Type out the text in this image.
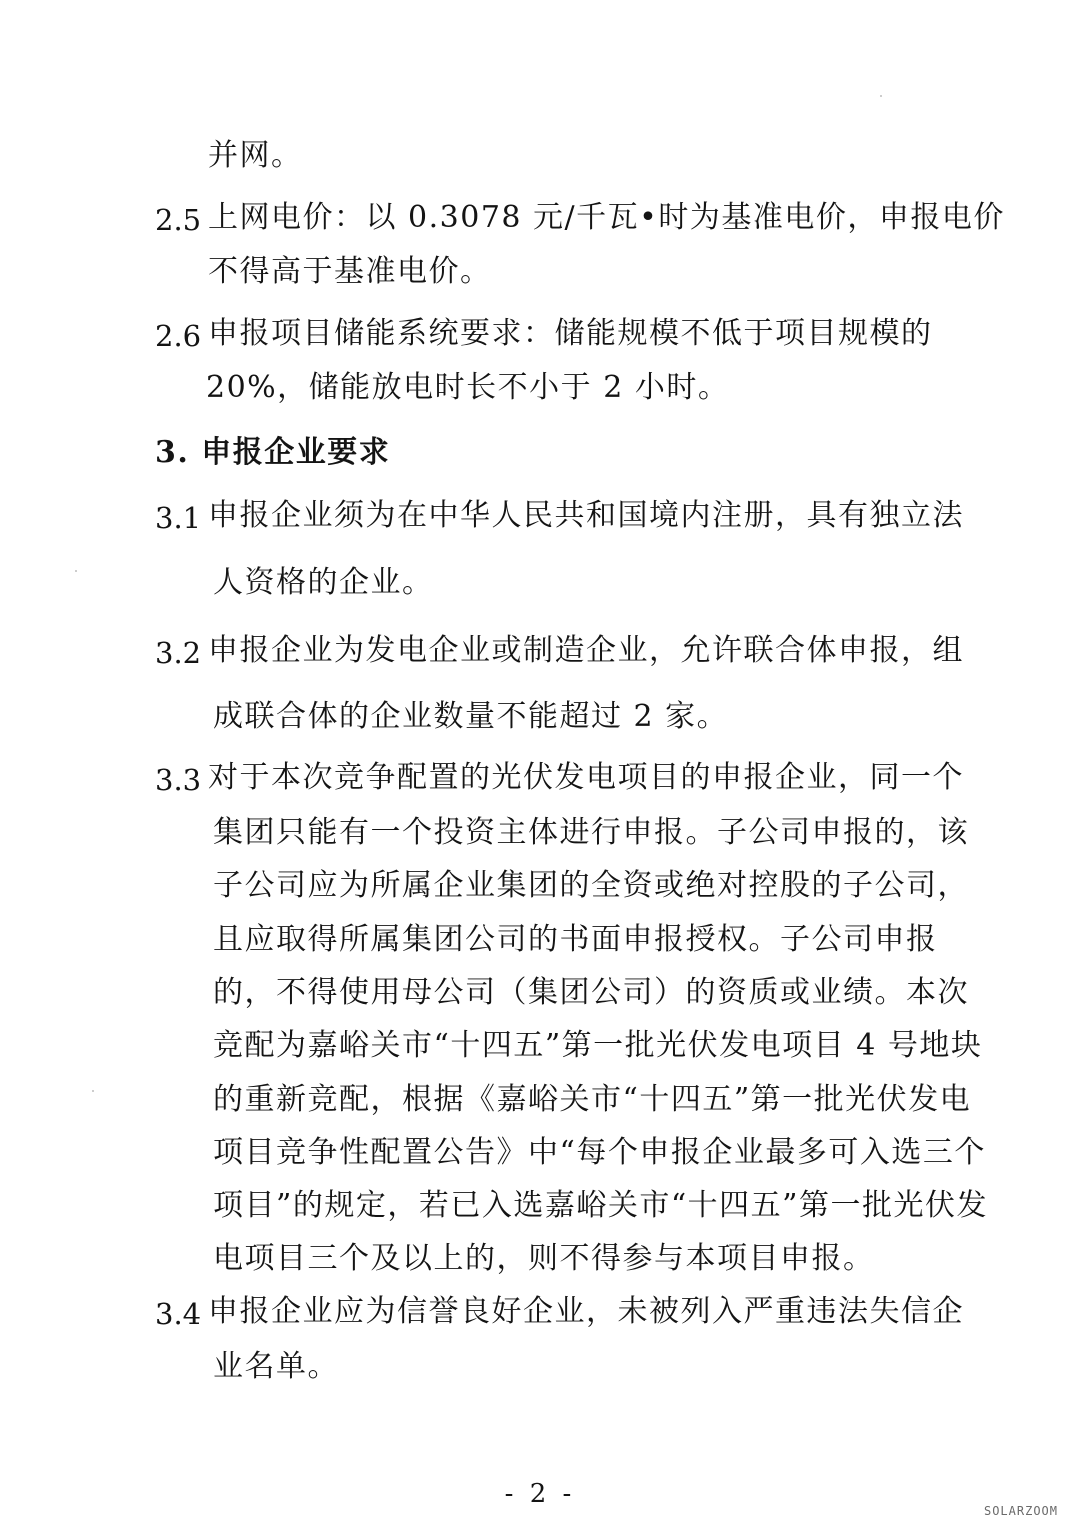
并网。
2.5 上网电价：以 0.3078 元/千瓦•时为基准电价，申报电价
不得高于基准电价。
2.6 申报项目储能系统要求：储能规模不低于项目规模的
20%，储能放电时长不小于 2 小时。
3. 申报企业要求
3.1 申报企业须为在中华人民共和国境内注册，具有独立法
人资格的企业。
3.2 申报企业为发电企业或制造企业，允许联合体申报，组
成联合体的企业数量不能超过 2 家。
3.3 对于本次竞争配置的光伏发电项目的申报企业，同一个
集团只能有一个投资主体进行申报。子公司申报的，该
子公司应为所属企业集团的全资或绝对控股的子公司，
且应取得所属集团公司的书面申报授权。子公司申报
的，不得使用母公司（集团公司）的资质或业绩。本次
竞配为嘉峪关市“十四五”第一批光伏发电项目 4 号地块
的重新竞配，根据《嘉峪关市“十四五”第一批光伏发电
项目竞争性配置公告》中“每个申报企业最多可入选三个
项目”的规定，若已入选嘉峪关市“十四五”第一批光伏发
电项目三个及以上的，则不得参与本项目申报。
3.4 申报企业应为信誉良好企业，未被列入严重违法失信企
业名单。
- 2 -
SOLARZOOM
